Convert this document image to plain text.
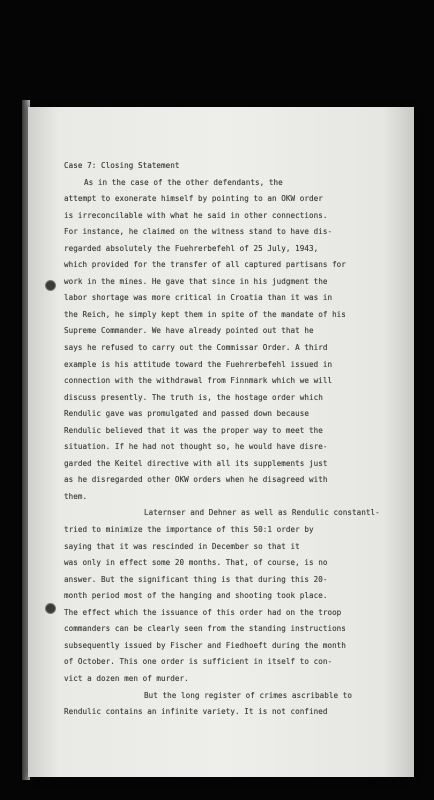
Case 7: Closing Statement
As in the case of the other defendants, the
attempt to exonerate himself by pointing to an OKW order
is irreconcilable with what he said in other connections.
For instance, he claimed on the witness stand to have dis-
regarded absolutely the Fuehrerbefehl of 25 July, 1943,
which provided for the transfer of all captured partisans for
work in the mines. He gave that since in his judgment the
labor shortage was more critical in Croatia than it was in
the Reich, he simply kept them in spite of the mandate of his
Supreme Commander. We have already pointed out that he
says he refused to carry out the Commissar Order. A third
example is his attitude toward the Fuehrerbefehl issued in
connection with the withdrawal from Finnmark which we will
discuss presently. The truth is, the hostage order which
Rendulic gave was promulgated and passed down because
Rendulic believed that it was the proper way to meet the
situation. If he had not thought so, he would have disre-
garded the Keitel directive with all its supplements just
as he disregarded other OKW orders when he disagreed with
them.
Laternser and Dehner as well as Rendulic constantl-
tried to minimize the importance of this 50:1 order by
saying that it was rescinded in December so that it
was only in effect some 20 months. That, of course, is no
answer. But the significant thing is that during this 20-
month period most of the hanging and shooting took place.
The effect which the issuance of this order had on the troop
commanders can be clearly seen from the standing instructions
subsequently issued by Fischer and Fiedhoeft during the month
of October. This one order is sufficient in itself to con-
vict a dozen men of murder.
But the long register of crimes ascribable to
Rendulic contains an infinite variety. It is not confined
